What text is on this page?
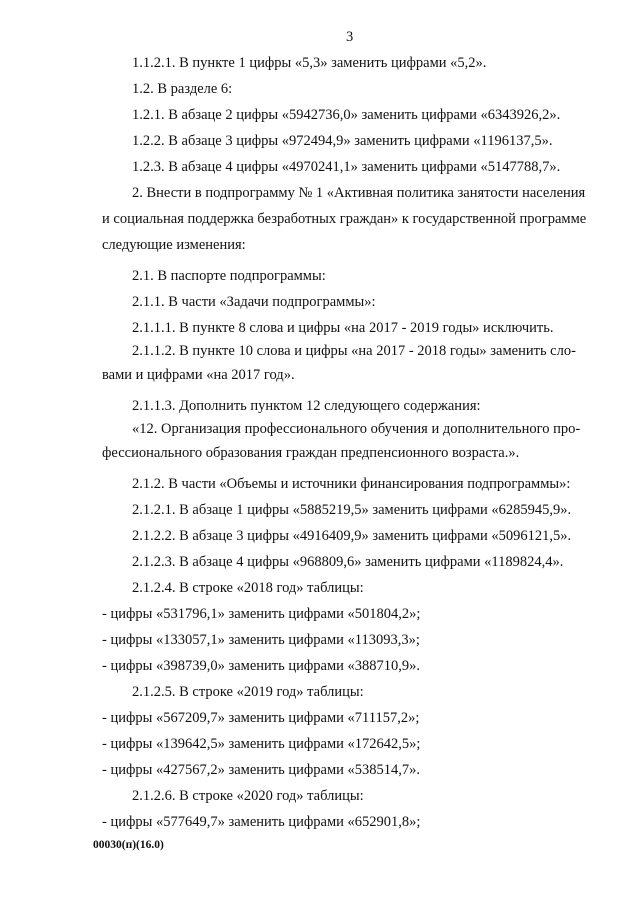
3
1.1.2.1. В пункте 1 цифры «5,3» заменить цифрами «5,2».
1.2. В разделе 6:
1.2.1. В абзаце 2 цифры «5942736,0» заменить цифрами «6343926,2».
1.2.2. В абзаце 3 цифры «972494,9» заменить цифрами «1196137,5».
1.2.3. В абзаце 4 цифры «4970241,1» заменить цифрами «5147788,7».
2. Внести в подпрограмму № 1 «Активная политика занятости населения
и социальная поддержка безработных граждан» к государственной программе
следующие изменения:
2.1. В паспорте подпрограммы:
2.1.1. В части «Задачи подпрограммы»:
2.1.1.1. В пункте 8 слова и цифры «на 2017 - 2019 годы» исключить.
2.1.1.2. В пункте 10 слова и цифры «на 2017 - 2018 годы» заменить сло-
вами и цифрами «на 2017 год».
2.1.1.3. Дополнить пунктом 12 следующего содержания:
«12. Организация профессионального обучения и дополнительного про-
фессионального образования граждан предпенсионного возраста.».
2.1.2. В части «Объемы и источники финансирования подпрограммы»:
2.1.2.1. В абзаце 1 цифры «5885219,5» заменить цифрами «6285945,9».
2.1.2.2. В абзаце 3 цифры «4916409,9» заменить цифрами «5096121,5».
2.1.2.3. В абзаце 4 цифры «968809,6» заменить цифрами «1189824,4».
2.1.2.4. В строке «2018 год» таблицы:
- цифры «531796,1» заменить цифрами «501804,2»;
- цифры «133057,1» заменить цифрами «113093,3»;
- цифры «398739,0» заменить цифрами «388710,9».
2.1.2.5. В строке «2019 год» таблицы:
- цифры «567209,7» заменить цифрами «711157,2»;
- цифры «139642,5» заменить цифрами «172642,5»;
- цифры «427567,2» заменить цифрами «538514,7».
2.1.2.6. В строке «2020 год» таблицы:
- цифры «577649,7» заменить цифрами «652901,8»;
00030(п)(16.0)
